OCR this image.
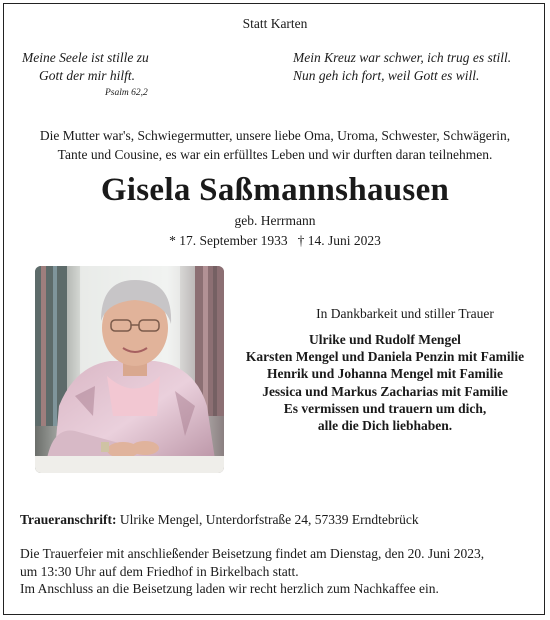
Statt Karten
Meine Seele ist stille zu
Gott der mir hilft.
Psalm 62,2
Mein Kreuz war schwer, ich trug es still.
Nun geh ich fort, weil Gott es will.
Die Mutter war's, Schwiegermutter, unsere liebe Oma, Uroma, Schwester, Schwägerin,
Tante und Cousine, es war ein erfülltes Leben und wir durften daran teilnehmen.
Gisela Saßmannshausen
geb. Herrmann
* 17. September 1933 † 14. Juni 2023
In Dankbarkeit und stiller Trauer
Ulrike und Rudolf Mengel
Karsten Mengel und Daniela Penzin mit Familie
Henrik und Johanna Mengel mit Familie
Jessica und Markus Zacharias mit Familie
Es vermissen und trauern um dich,
alle die Dich liebhaben.
Traueranschrift: Ulrike Mengel, Unterdorfstraße 24, 57339 Erndtebrück
Die Trauerfeier mit anschließender Beisetzung findet am Dienstag, den 20. Juni 2023,
um 13:30 Uhr auf dem Friedhof in Birkelbach statt.
Im Anschluss an die Beisetzung laden wir recht herzlich zum Nachkaffee ein.
